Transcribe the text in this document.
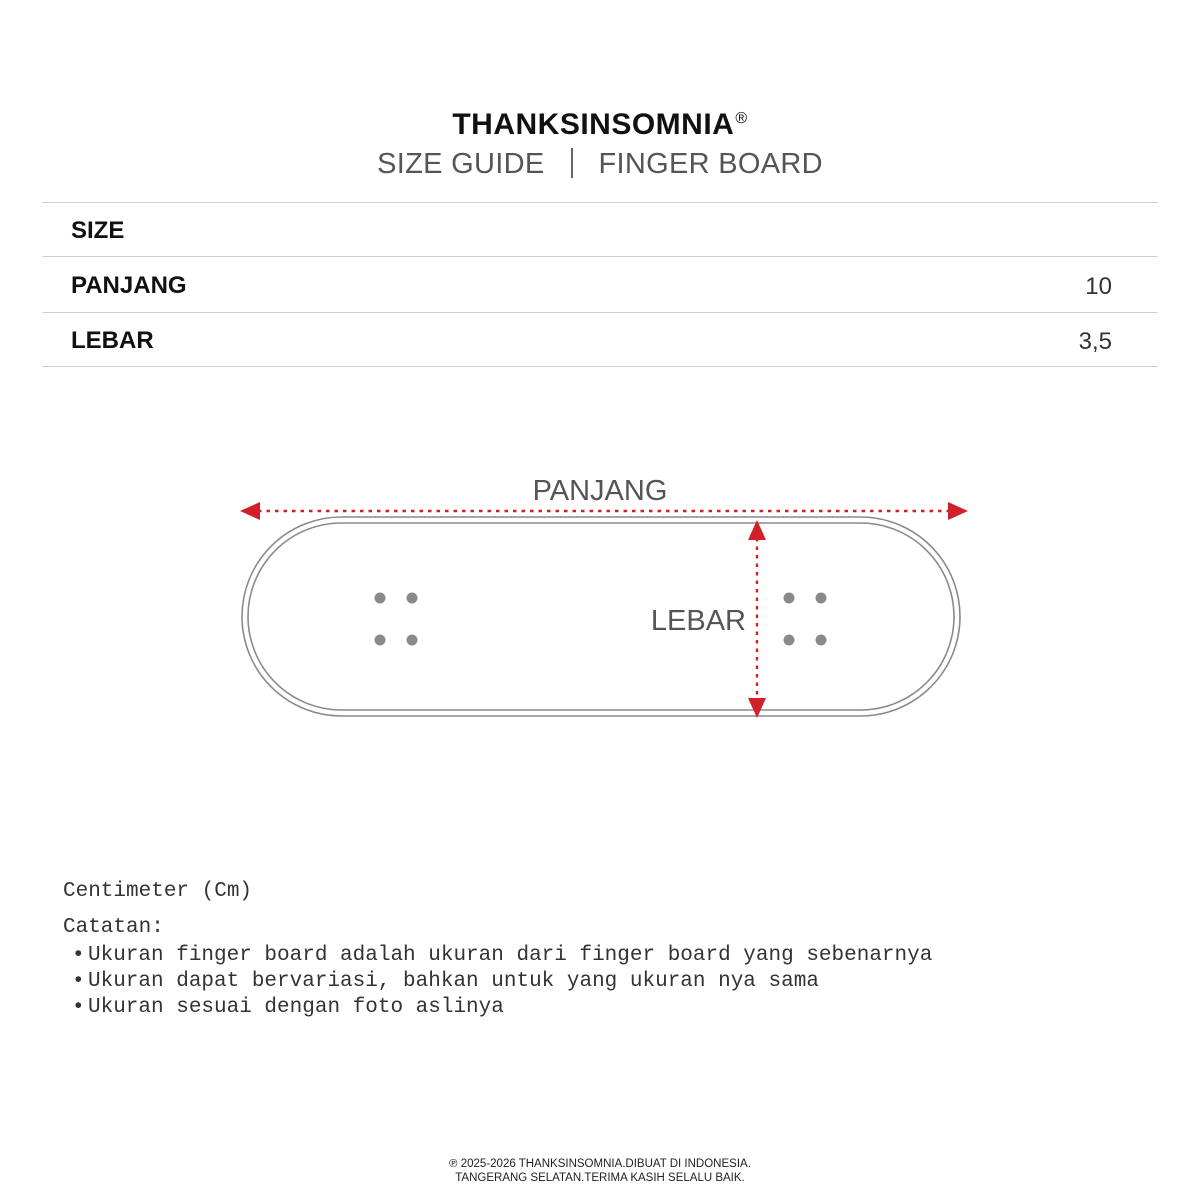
THANKSINSOMNIA®
SIZE GUIDE FINGER BOARD
SIZE
PANJANG	10
LEBAR	3,5
PANJANG
LEBAR
Centimeter (Cm)
Catatan:
• Ukuran finger board adalah ukuran dari finger board yang sebenarnya
• Ukuran dapat bervariasi, bahkan untuk yang ukuran nya sama
• Ukuran sesuai dengan foto aslinya
℗ 2025-2026 THANKSINSOMNIA.DIBUAT DI INDONESIA.
TANGERANG SELATAN.TERIMA KASIH SELALU BAIK.
